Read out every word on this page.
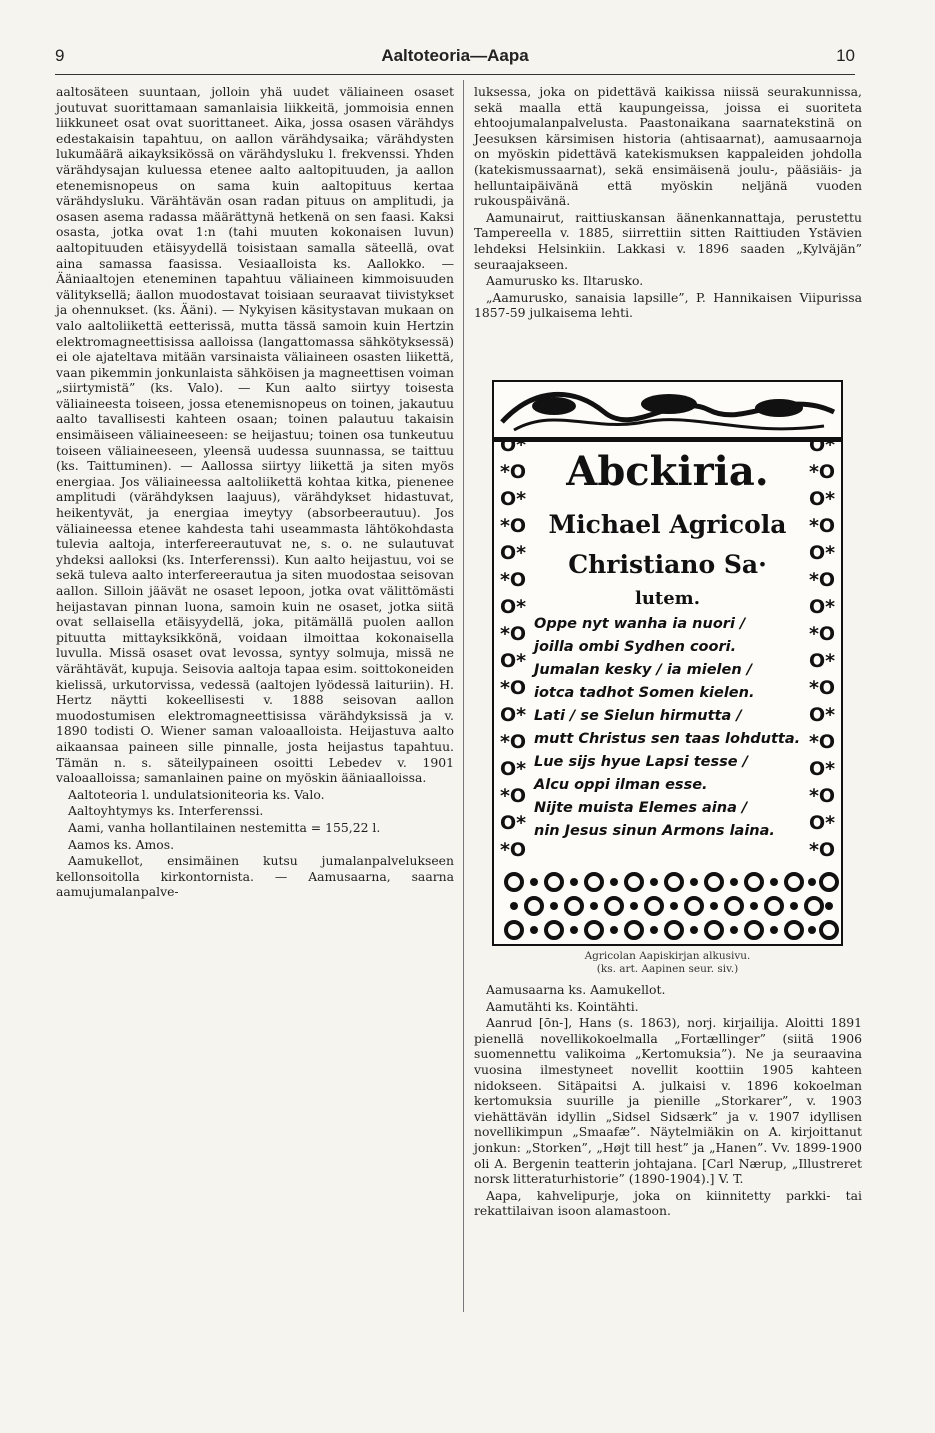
9	Aaltoteoria—Aapa	10

aaltosäteen suuntaan, jolloin yhä uudet väliaineen osaset joutuvat suorittamaan samanlaisia liikkeitä, jommoisia ennen liikkuneet osat ovat suorittaneet. Aika, jossa osasen värähdys edestakaisin tapahtuu, on aallon värähdysaika; värähdysten lukumäärä aikayksikössä on värähdysluku l. frekvenssi. Yhden värähdysajan kuluessa etenee aalto aaltopituuden, ja aallon etenemisnopeus on sama kuin aaltopituus kertaa värähdysluku. Värähtävän osan radan pituus on amplitudi, ja osasen asema radassa määrättynä hetkenä on sen faasi. Kaksi osasta, jotka ovat 1:n (tahi muuten kokonaisen luvun) aaltopituuden etäisyydellä toisistaan samalla säteellä, ovat aina samassa faasissa. Vesiaalloista ks. Aallokko. — Ääniaaltojen eteneminen tapahtuu väliaineen kimmoisuuden välityksellä; äallon muodostavat toisiaan seuraavat tiivistykset ja ohennukset. (ks. Ääni). — Nykyisen käsitystavan mukaan on valo aaltoliikettä eetterissä, mutta tässä samoin kuin Hertzin elektromagneettisissa aalloissa (langattomassa sähkötyksessä) ei ole ajateltava mitään varsinaista väliaineen osasten liikettä, vaan pikemmin jonkunlaista sähköisen ja magneettisen voiman „siirtymistä” (ks. Valo). — Kun aalto siirtyy toisesta väliaineesta toiseen, jossa etenemisnopeus on toinen, jakautuu aalto tavallisesti kahteen osaan; toinen palautuu takaisin ensimäiseen väliaineeseen: se heijastuu; toinen osa tunkeutuu toiseen väliaineeseen, yleensä uudessa suunnassa, se taittuu (ks. Taittuminen). — Aallossa siirtyy liikettä ja siten myös energiaa. Jos väliaineessa aaltoliikettä kohtaa kitka, pienenee amplitudi (värähdyksen laajuus), värähdykset hidastuvat, heikentyvät, ja energiaa imeytyy (absorbeerautuu). Jos väliaineessa etenee kahdesta tahi useammasta lähtökohdasta tulevia aaltoja, interfereerautuvat ne, s. o. ne sulautuvat yhdeksi aalloksi (ks. Interferenssi). Kun aalto heijastuu, voi se sekä tuleva aalto interfereerautua ja siten muodostaa seisovan aallon. Silloin jäävät ne osaset lepoon, jotka ovat välittömästi heijastavan pinnan luona, samoin kuin ne osaset, jotka siitä ovat sellaisella etäisyydellä, joka, pitämällä puolen aallon pituutta mittayksikkönä, voidaan ilmoittaa kokonaisella luvulla. Missä osaset ovat levossa, syntyy solmuja, missä ne värähtävät, kupuja. Seisovia aaltoja tapaa esim. soittokoneiden kielissä, urkutorvissa, vedessä (aaltojen lyödessä laituriin). H. Hertz näytti kokeellisesti v. 1888 seisovan aallon muodostumisen elektromagneettisissa värähdyksissä ja v. 1890 todisti O. Wiener saman valoaalloista. Heijastuva aalto aikaansaa paineen sille pinnalle, josta heijastus tapahtuu. Tämän n. s. säteilypaineen osoitti Lebedev v. 1901 valoaalloissa; samanlainen paine on myöskin ääniaalloissa.

Aaltoteoria l. undulatsioniteoria ks. Valo.

Aaltoyhtymys ks. Interferenssi.

Aami, vanha hollantilainen nestemitta = 155,22 l.

Aamos ks. Amos.

Aamukellot, ensimäinen kutsu jumalanpalvelukseen kellonsoitolla kirkontornista. — Aamusaarna, saarna aamujumalanpalve-

luksessa, joka on pidettävä kaikissa niissä seurakunnissa, sekä maalla että kaupungeissa, joissa ei suoriteta ehtoojumalanpalvelusta. Paastonaikana saarnatekstinä on Jeesuksen kärsimisen historia (ahtisaarnat), aamusaarnoja on myöskin pidettävä katekismuksen kappaleiden johdolla (katekismussaarnat), sekä ensimäisenä joulu-, pääsiäis- ja helluntaipäivänä että myöskin neljänä vuoden rukouspäivänä.

Aamunairut, raittiuskansan äänenkannattaja, perustettu Tampereella v. 1885, siirrettiin sitten Raittiuden Ystävien lehdeksi Helsinkiin. Lakkasi v. 1896 saaden „Kylväjän” seuraajakseen.

Aamurusko ks. Iltarusko.

„Aamurusko, sanaisia lapsille”, P. Hannikaisen Viipurissa 1857-59 julkaisema lehti.

O* *O O* *O O* *O O* *O O* *O O* *O O* *O O* *O
O* *O O* *O O* *O O* *O O* *O O* *O O* *O O* *O
Abckiria.
Michael Agricola
Christiano Sa·
lutem.
Oppe nyt wanha ia nuori /
joilla ombi Sydhen coori.
Jumalan kesky / ia mielen /
iotca tadhot Somen kielen.
Lati / se Sielun hirmutta /
mutt Christus sen taas lohdutta.
Lue sijs hyue Lapsi tesse /
Alcu oppi ilman esse.
Nijte muista Elemes aina /
nin Jesus sinun Armons laina.
Agricolan Aapiskirjan alkusivu.
(ks. art. Aapinen seur. siv.)

Aamusaarna ks. Aamukellot.

Aamutähti ks. Kointähti.

Aanrud [ōn-], Hans (s. 1863), norj. kirjailija. Aloitti 1891 pienellä novellikokoelmalla „Fortællinger” (siitä 1906 suomennettu valikoima „Kertomuksia”). Ne ja seuraavina vuosina ilmestyneet novellit koottiin 1905 kahteen nidokseen. Sitäpaitsi A. julkaisi v. 1896 kokoelman kertomuksia suurille ja pienille „Storkarer”, v. 1903 viehättävän idyllin „Sidsel Sidsærk” ja v. 1907 idyllisen novellikimpun „Smaafæ”. Näytelmiäkin on A. kirjoittanut jonkun: „Storken”, „Højt till hest” ja „Hanen”. Vv. 1899-1900 oli A. Bergenin teatterin johtajana. [Carl Nærup, „Illustreret norsk litteraturhistorie” (1890-1904).] V. T.

Aapa, kahvelipurje, joka on kiinnitetty parkki- tai rekattilaivan isoon alamastoon.
